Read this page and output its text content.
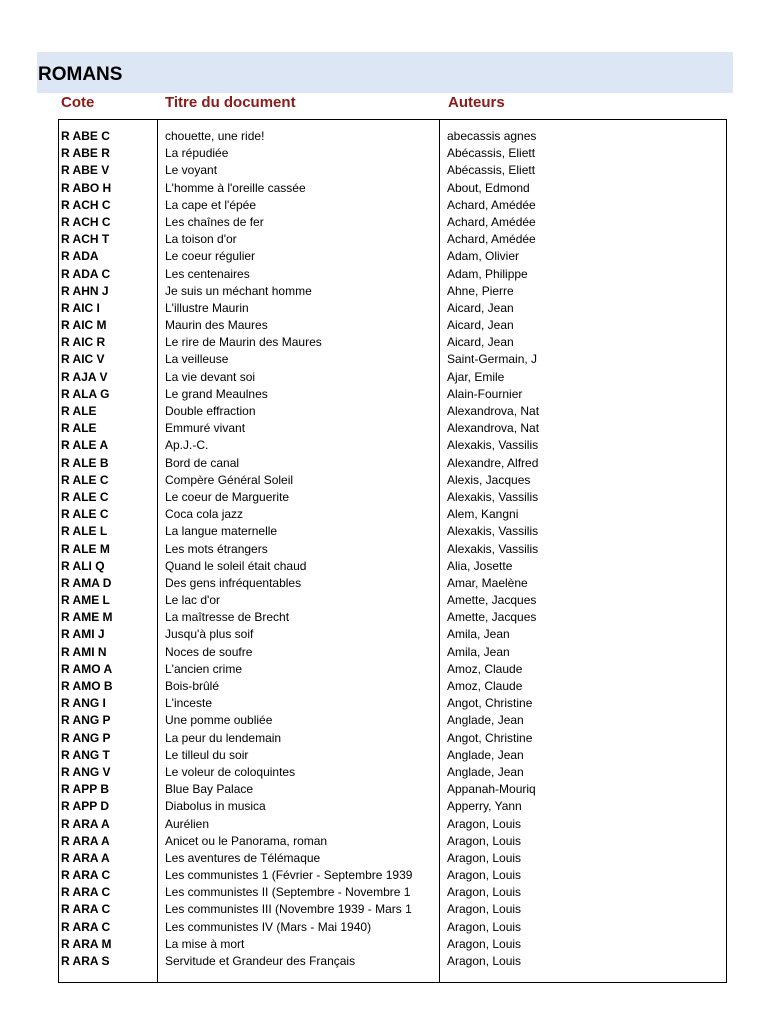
ROMANS
Cote	Titre du document	Auteurs
R ABE C	chouette, une ride!	abecassis agnes
R ABE R	La répudiée	Abécassis, Eliett
R ABE V	Le voyant	Abécassis, Eliett
R ABO H	L'homme à l'oreille cassée	About, Edmond
R ACH C	La cape et l'épée	Achard, Amédée
R ACH C	Les chaînes de fer	Achard, Amédée
R ACH T	La toison d'or	Achard, Amédée
R ADA	Le coeur régulier	Adam, Olivier
R ADA C	Les centenaires	Adam, Philippe
R AHN J	Je suis un méchant homme	Ahne, Pierre
R AIC I	L'illustre Maurin	Aicard, Jean
R AIC M	Maurin des Maures	Aicard, Jean
R AIC R	Le rire de Maurin des Maures	Aicard, Jean
R AIC V	La veilleuse	Saint-Germain, J
R AJA V	La vie devant soi	Ajar, Emile
R ALA G	Le grand Meaulnes	Alain-Fournier
R ALE	Double effraction	Alexandrova, Nat
R ALE	Emmuré vivant	Alexandrova, Nat
R ALE A	Ap.J.-C.	Alexakis, Vassilis
R ALE B	Bord de canal	Alexandre, Alfred
R ALE C	Compère Général Soleil	Alexis, Jacques
R ALE C	Le coeur de Marguerite	Alexakis, Vassilis
R ALE C	Coca cola jazz	Alem, Kangni
R ALE L	La langue maternelle	Alexakis, Vassilis
R ALE M	Les mots étrangers	Alexakis, Vassilis
R ALI Q	Quand le soleil était chaud	Alia, Josette
R AMA D	Des gens infréquentables	Amar, Maelène
R AME L	Le lac d'or	Amette, Jacques
R AME M	La maîtresse de Brecht	Amette, Jacques
R AMI J	Jusqu'à plus soif	Amila, Jean
R AMI N	Noces de soufre	Amila, Jean
R AMO A	L'ancien crime	Amoz, Claude
R AMO B	Bois-brûlé	Amoz, Claude
R ANG I	L'inceste	Angot, Christine
R ANG P	Une pomme oubliée	Anglade, Jean
R ANG P	La peur du lendemain	Angot, Christine
R ANG T	Le tilleul du soir	Anglade, Jean
R ANG V	Le voleur de coloquintes	Anglade, Jean
R APP B	Blue Bay Palace	Appanah-Mouriq
R APP D	Diabolus in musica	Apperry, Yann
R ARA A	Aurélien	Aragon, Louis
R ARA A	Anicet ou le Panorama, roman	Aragon, Louis
R ARA A	Les aventures de Télémaque	Aragon, Louis
R ARA C	Les communistes 1 (Février - Septembre 1939	Aragon, Louis
R ARA C	Les communistes II (Septembre - Novembre 1	Aragon, Louis
R ARA C	Les communistes III (Novembre 1939 - Mars 1	Aragon, Louis
R ARA C	Les communistes IV (Mars - Mai 1940)	Aragon, Louis
R ARA M	La mise à mort	Aragon, Louis
R ARA S	Servitude et Grandeur des Français	Aragon, Louis
